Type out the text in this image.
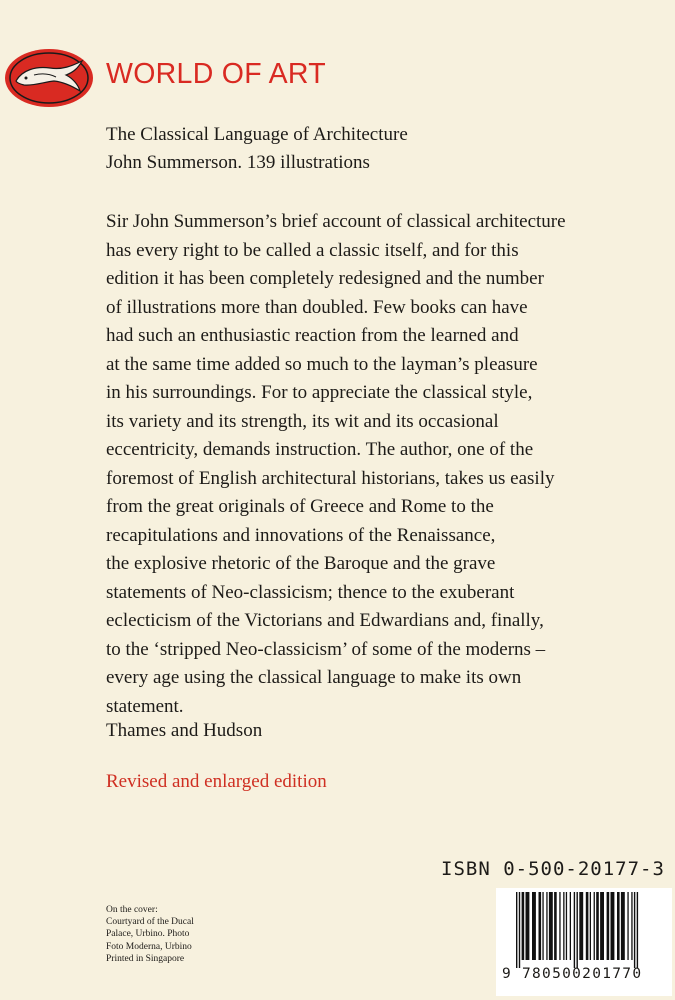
WORLD OF ART

The Classical Language of Architecture

John Summerson. 139 illustrations

Sir John Summerson’s brief account of classical architecture
has every right to be called a classic itself, and for this
edition it has been completely redesigned and the number
of illustrations more than doubled. Few books can have
had such an enthusiastic reaction from the learned and
at the same time added so much to the layman’s pleasure
in his surroundings. For to appreciate the classical style,
its variety and its strength, its wit and its occasional
eccentricity, demands instruction. The author, one of the
foremost of English architectural historians, takes us easily
from the great originals of Greece and Rome to the
recapitulations and innovations of the Renaissance,
the explosive rhetoric of the Baroque and the grave
statements of Neo-classicism; thence to the exuberant
eclecticism of the Victorians and Edwardians and, finally,
to the ‘stripped Neo-classicism’ of some of the moderns –
every age using the classical language to make its own
statement.

Thames and Hudson

Revised and enlarged edition

ISBN 0-500-20177-3

On the cover:
Courtyard of the Ducal
Palace, Urbino. Photo
Foto Moderna, Urbino
Printed in Singapore
9 780500201770
